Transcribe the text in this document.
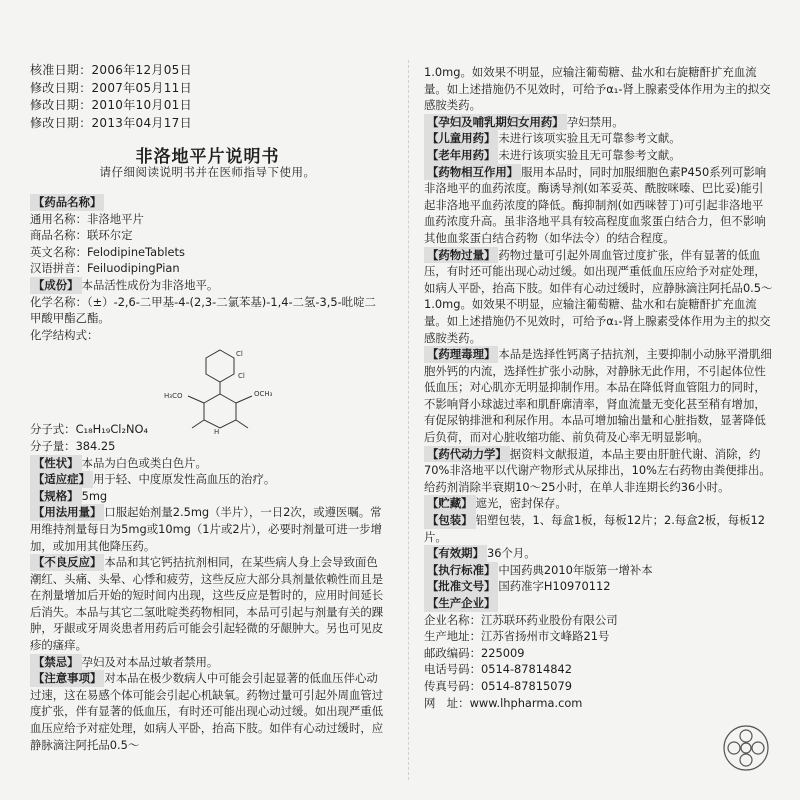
核准日期：2006年12月05日
修改日期：2007年05月11日
修改日期：2010年10月01日
修改日期：2013年04月17日
非洛地平片说明书
请仔细阅读说明书并在医师指导下使用。
【药品名称】
通用名称：非洛地平片
商品名称：联环尔定
英文名称：FelodipineTablets
汉语拼音：FeiluodipingPian
【成份】 本品活性成份为非洛地平。
化学名称：（±）-2,6-二甲基-4-(2,3-二氯苯基)-1,4-二氢-3,5-吡啶二甲酸甲酯乙酯。
化学结构式：
分子式：C₁₈H₁₉Cl₂NO₄
分子量：384.25
【性状】 本品为白色或类白色片。
【适应症】 用于轻、中度原发性高血压的治疗。
【规格】 5mg
【用法用量】 口服起始剂量2.5mg（半片），一日2次，或遵医嘱。常用维持剂量每日为5mg或10mg（1片或2片），必要时剂量可进一步增加，或加用其他降压药。
【不良反应】 本品和其它钙拮抗剂相同，在某些病人身上会导致面色潮红、头痛、头晕、心悸和疲劳，这些反应大部分具剂量依赖性而且是在剂量增加后开始的短时间内出现，这些反应是暂时的，应用时间延长后消失。本品与其它二氢吡啶类药物相同，本品可引起与剂量有关的踝肿，牙龈或牙周炎患者用药后可能会引起轻微的牙龈肿大。另也可见皮疹的瘙痒。
【禁忌】 孕妇及对本品过敏者禁用。
【注意事项】 对本品在极少数病人中可能会引起显著的低血压伴心动过速，这在易感个体可能会引起心机缺氧。药物过量可引起外周血管过度扩张，伴有显著的低血压，有时还可能出现心动过缓。如出现严重低血压应给予对症处理，如病人平卧，抬高下肢。如伴有心动过缓时，应静脉滴注阿托品0.5～
Cl
Cl
H₃CO	OCH₃
H
1.0mg。如效果不明显，应输注葡萄糖、盐水和右旋糖酐扩充血流量。如上述措施仍不见效时，可给予α₁-肾上腺素受体作用为主的拟交感胺类药。
【孕妇及哺乳期妇女用药】 孕妇禁用。
【儿童用药】 未进行该项实验且无可靠参考文献。
【老年用药】 未进行该项实验且无可靠参考文献。
【药物相互作用】 服用本品时，同时加服细胞色素P450系列可影响非洛地平的血药浓度。酶诱导剂(如苯妥英、酰胺咪嗪、巴比妥)能引起非洛地平血药浓度的降低。酶抑制剂(如西咪替丁)可引起非洛地平血药浓度升高。虽非洛地平具有较高程度血浆蛋白结合力，但不影响其他血浆蛋白结合药物（如华法令）的结合程度。
【药物过量】 药物过量可引起外周血管过度扩张，伴有显著的低血压，有时还可能出现心动过缓。如出现严重低血压应给予对症处理，如病人平卧，抬高下肢。如伴有心动过缓时，应静脉滴注阿托品0.5～1.0mg。如效果不明显，应输注葡萄糖、盐水和右旋糖酐扩充血流量。如上述措施仍不见效时，可给予α₁-肾上腺素受体作用为主的拟交感胺类药。
【药理毒理】 本品是选择性钙离子拮抗剂，主要抑制小动脉平滑肌细胞外钙的内流，选择性扩张小动脉，对静脉无此作用，不引起体位性低血压；对心肌亦无明显抑制作用。本品在降低肾血管阻力的同时，不影响肾小球滤过率和肌酐廓清率，肾血流量无变化甚至稍有增加，有促尿钠排泄和利尿作用。本品可增加输出量和心脏指数，显著降低后负荷，而对心脏收缩功能、前负荷及心率无明显影响。
【药代动力学】 据资料文献报道，本品主要由肝脏代谢、消除，约70%非洛地平以代谢产物形式从尿排出，10%左右药物由粪便排出。给药剂消除半衰期10～25小时，在单人非连期长约36小时。
【贮藏】 遮光，密封保存。
【包装】 铝塑包装，1、每盒1板，每板12片；2.每盒2板，每板12片。
【有效期】 36个月。
【执行标准】 中国药典2010年版第一增补本
【批准文号】 国药准字H10970112
【生产企业】
企业名称：江苏联环药业股份有限公司
生产地址：江苏省扬州市文峰路21号
邮政编码：225009
电话号码：0514-87814842
传真号码：0514-87815079
网　址：www.lhpharma.com
